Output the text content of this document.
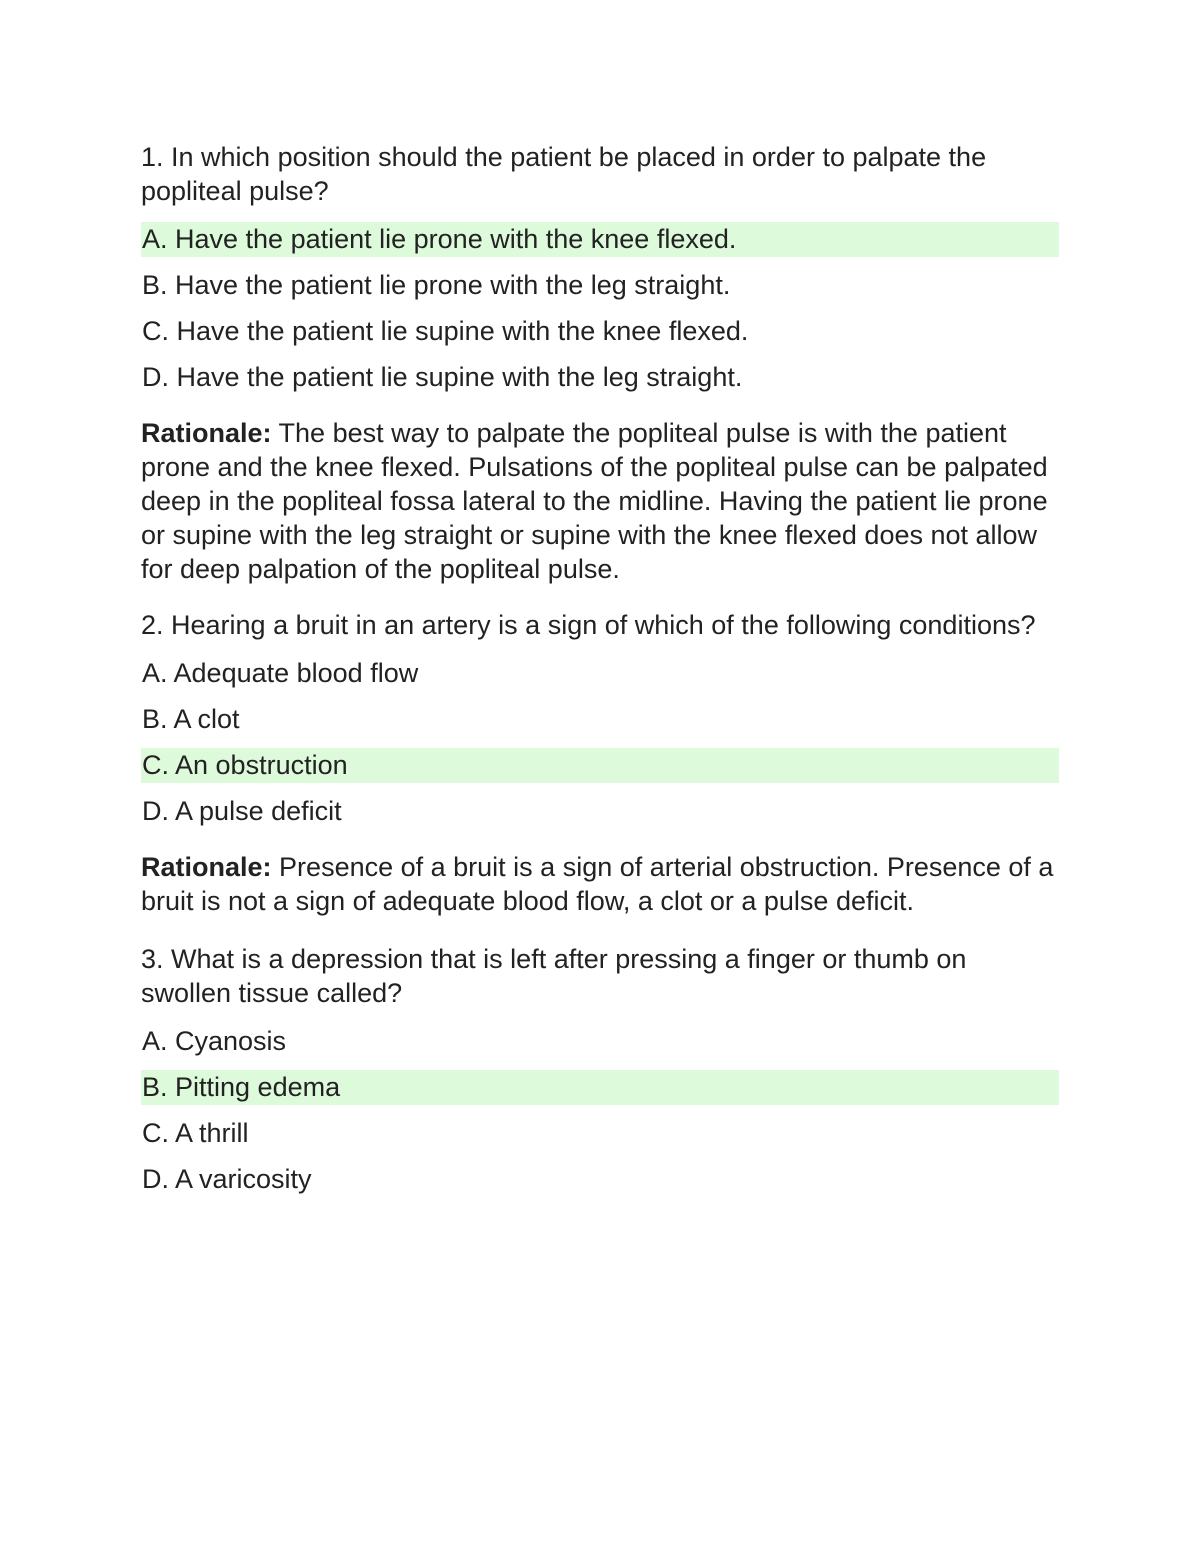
1. In which position should the patient be placed in order to palpate the popliteal pulse?

A. Have the patient lie prone with the knee flexed.
B. Have the patient lie prone with the leg straight.
C. Have the patient lie supine with the knee flexed.
D. Have the patient lie supine with the leg straight.

Rationale: The best way to palpate the popliteal pulse is with the patient prone and the knee flexed. Pulsations of the popliteal pulse can be palpated deep in the popliteal fossa lateral to the midline. Having the patient lie prone or supine with the leg straight or supine with the knee flexed does not allow for deep palpation of the popliteal pulse.

2. Hearing a bruit in an artery is a sign of which of the following conditions?

A. Adequate blood flow
B. A clot
C. An obstruction
D. A pulse deficit

Rationale: Presence of a bruit is a sign of arterial obstruction. Presence of a bruit is not a sign of adequate blood flow, a clot or a pulse deficit.

3. What is a depression that is left after pressing a finger or thumb on swollen tissue called?

A. Cyanosis
B. Pitting edema
C. A thrill
D. A varicosity
